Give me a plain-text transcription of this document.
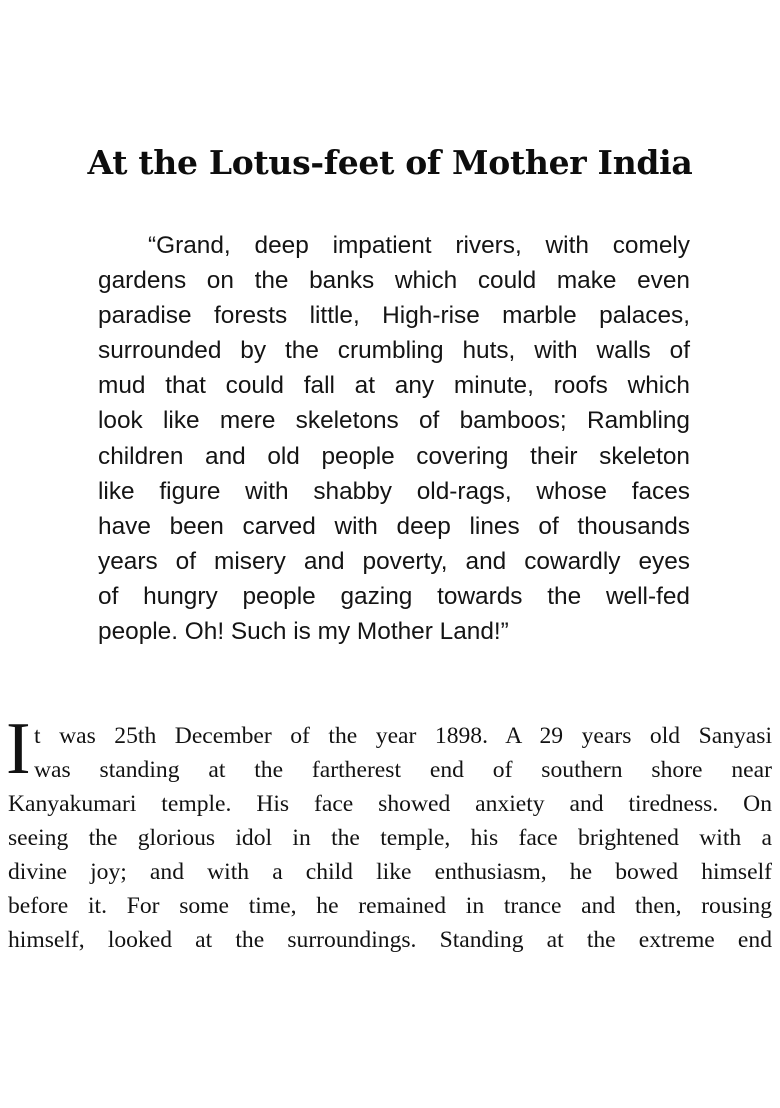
At the Lotus-feet of Mother India
“Grand, deep impatient rivers, with comely
gardens on the banks which could make even
paradise forests little, High-rise marble palaces,
surrounded by the crumbling huts, with walls of
mud that could fall at any minute, roofs which
look like mere skeletons of bamboos; Rambling
children and old people covering their skeleton
like figure with shabby old-rags, whose faces
have been carved with deep lines of thousands
years of misery and poverty, and cowardly eyes
of hungry people gazing towards the well-fed
people. Oh! Such is my Mother Land!”
I t was 25th December of the year 1898. A 29 years old Sanyasi
was standing at the fartherest end of southern shore near
Kanyakumari temple. His face showed anxiety and tiredness. On
seeing the glorious idol in the temple, his face brightened with a
divine joy; and with a child like enthusiasm, he bowed himself
before it. For some time, he remained in trance and then, rousing
himself, looked at the surroundings. Standing at the extreme end
